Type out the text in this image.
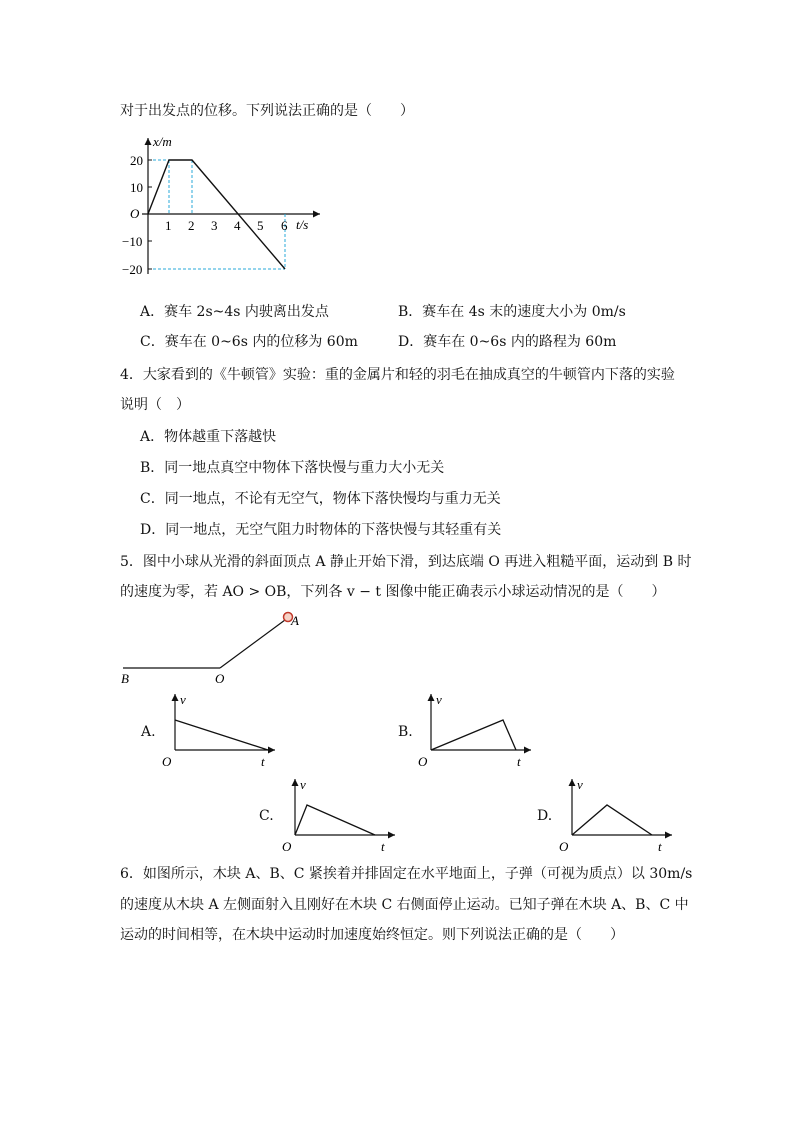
对于出发点的位移。下列说法正确的是（　　）
x/m
t/s
O
20
10
−10
−20
1 2 3 4 5 6
A．赛车 2s~4s 内驶离出发点	B．赛车在 4s 末的速度大小为 0m/s
C．赛车在 0~6s 内的位移为 60m	D．赛车在 0~6s 内的路程为 60m
4．大家看到的《牛顿管》实验：重的金属片和轻的羽毛在抽成真空的牛顿管内下落的实验
说明（　）
A．物体越重下落越快
B．同一地点真空中物体下落快慢与重力大小无关
C．同一地点，不论有无空气，物体下落快慢均与重力无关
D．同一地点，无空气阻力时物体的下落快慢与其轻重有关
5．图中小球从光滑的斜面顶点 A 静止开始下滑，到达底端 O 再进入粗糙平面，运动到 B 时
的速度为零，若 AO > OB，下列各 v − t 图像中能正确表示小球运动情况的是（　　）
A
O
B
A.
v
O	t
B.
v
O	t
C.
v
O	t
D.
v
O	t
6．如图所示，木块 A、B、C 紧挨着并排固定在水平地面上，子弹（可视为质点）以 30m/s
的速度从木块 A 左侧面射入且刚好在木块 C 右侧面停止运动。已知子弹在木块 A、B、C 中
运动的时间相等，在木块中运动时加速度始终恒定。则下列说法正确的是（　　）
